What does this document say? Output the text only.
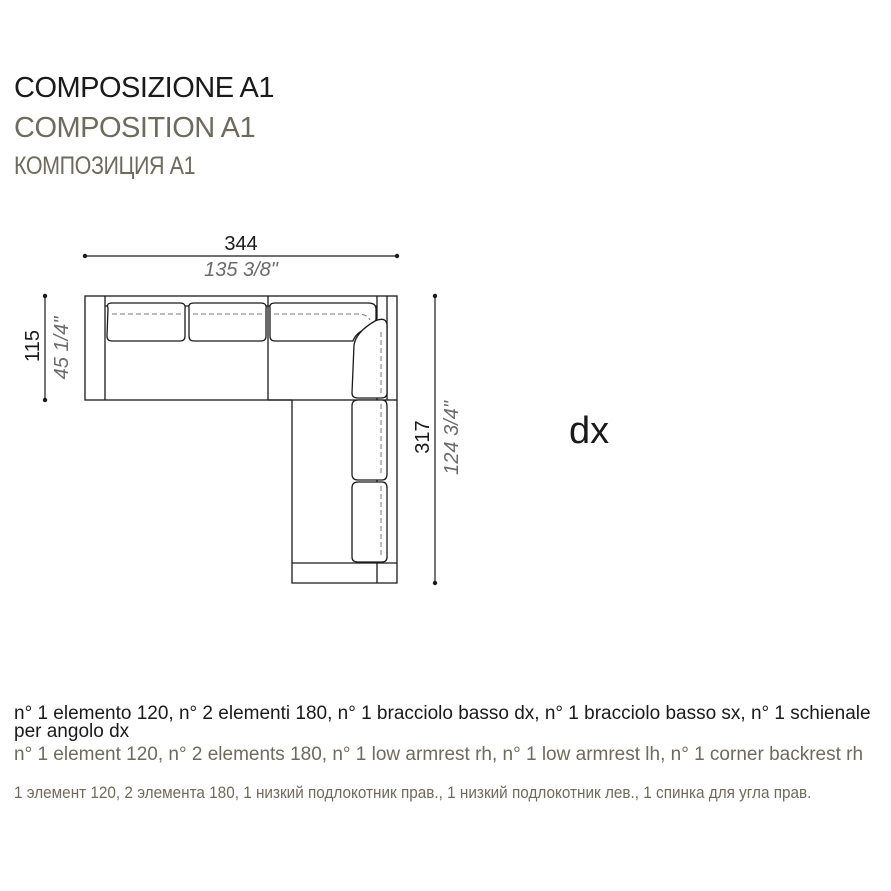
COMPOSIZIONE A1
COMPOSITION A1
КОМПОЗИЦИЯ A1
344
135 3/8"
115 45 1/4"
317 124 3/4"	dx
n° 1 elemento 120, n° 2 elementi 180, n° 1 bracciolo basso dx, n° 1 bracciolo basso sx, n° 1 schienale per angolo dx
n° 1 element 120, n° 2 elements 180, n° 1 low armrest rh, n° 1 low armrest lh, n° 1 corner backrest rh
1 элемент 120, 2 элемента 180, 1 низкий подлокотник прав., 1 низкий подлокотник лев., 1 спинка для угла прав.
